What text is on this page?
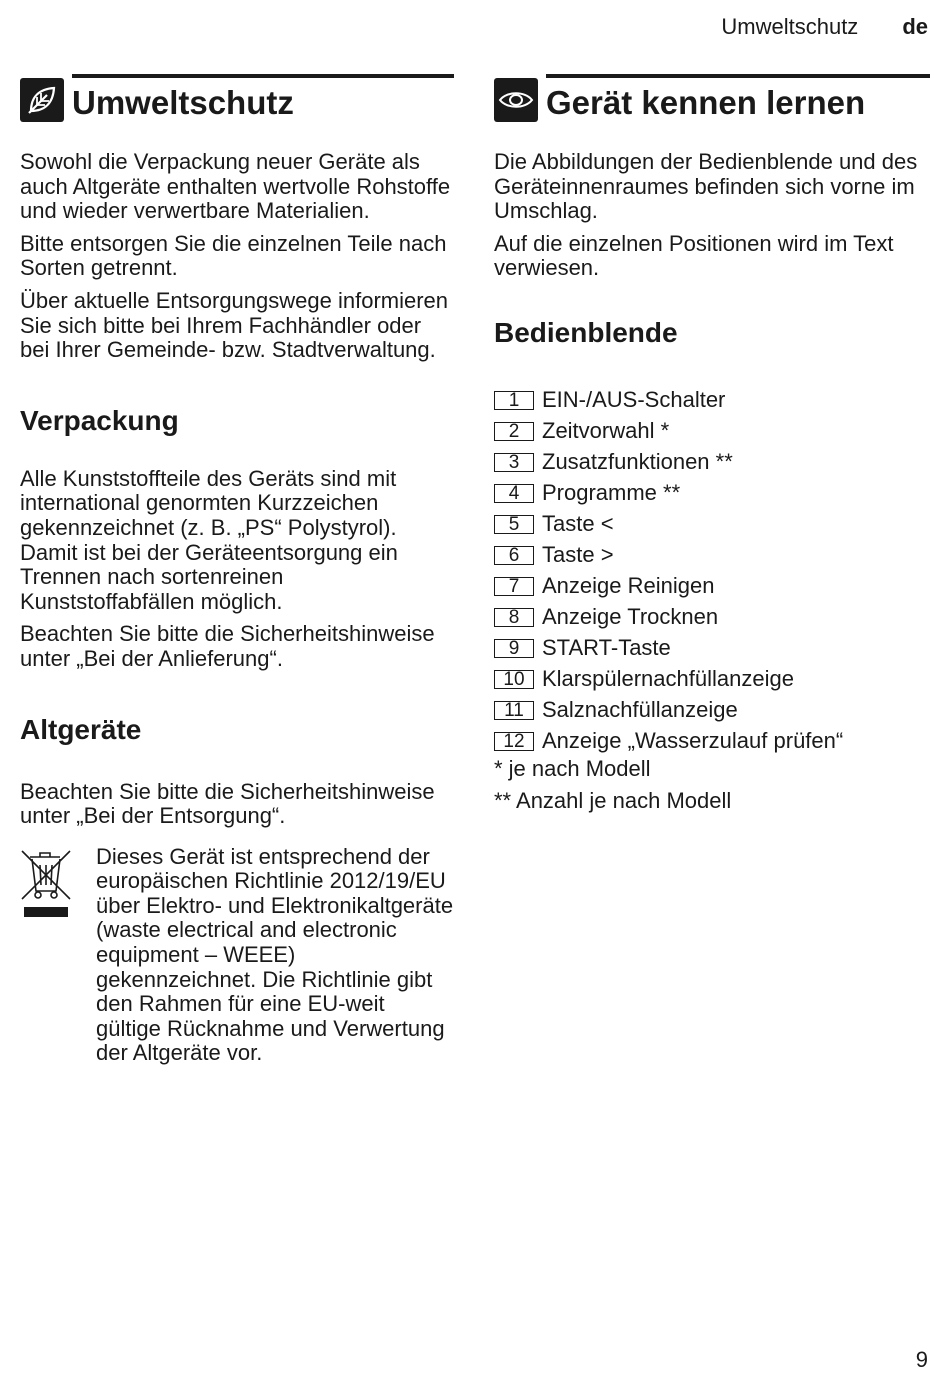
Umweltschutz de
Umweltschutz

Sowohl die Verpackung neuer Geräte als auch Altgeräte enthalten wertvolle Rohstoffe und wieder verwertbare Materialien.

Bitte entsorgen Sie die einzelnen Teile nach Sorten getrennt.

Über aktuelle Entsorgungswege informieren Sie sich bitte bei Ihrem Fachhändler oder bei Ihrer Gemeinde- bzw. Stadtverwaltung.

Verpackung

Alle Kunststoffteile des Geräts sind mit international genormten Kurzzeichen gekennzeichnet (z. B. „PS“ Polystyrol). Damit ist bei der Geräteentsorgung ein Trennen nach sortenreinen Kunststoffabfällen möglich.

Beachten Sie bitte die Sicherheitshinweise unter „Bei der Anlieferung“.

Altgeräte

Beachten Sie bitte die Sicherheitshinweise unter „Bei der Entsorgung“.

Dieses Gerät ist entsprechend der europäischen Richtlinie 2012/19/EU über Elektro- und Elektronikaltgeräte (waste electrical and electronic equipment – WEEE) gekennzeichnet. Die Richtlinie gibt den Rahmen für eine EU-weit gültige Rücknahme und Verwertung der Altgeräte vor.

Gerät kennen lernen

Die Abbildungen der Bedienblende und des Geräteinnenraumes befinden sich vorne im Umschlag.

Auf die einzelnen Positionen wird im Text verwiesen.

Bedienblende
1	EIN-/AUS-Schalter
2	Zeitvorwahl *
3	Zusatzfunktionen **
4	Programme **
5	Taste <
6	Taste >
7	Anzeige Reinigen
8	Anzeige Trocknen
9	START-Taste
10 Klarspülernachfüllanzeige
11 Salznachfüllanzeige
12 Anzeige „Wasserzulauf prüfen“
* je nach Modell
** Anzahl je nach Modell
9
